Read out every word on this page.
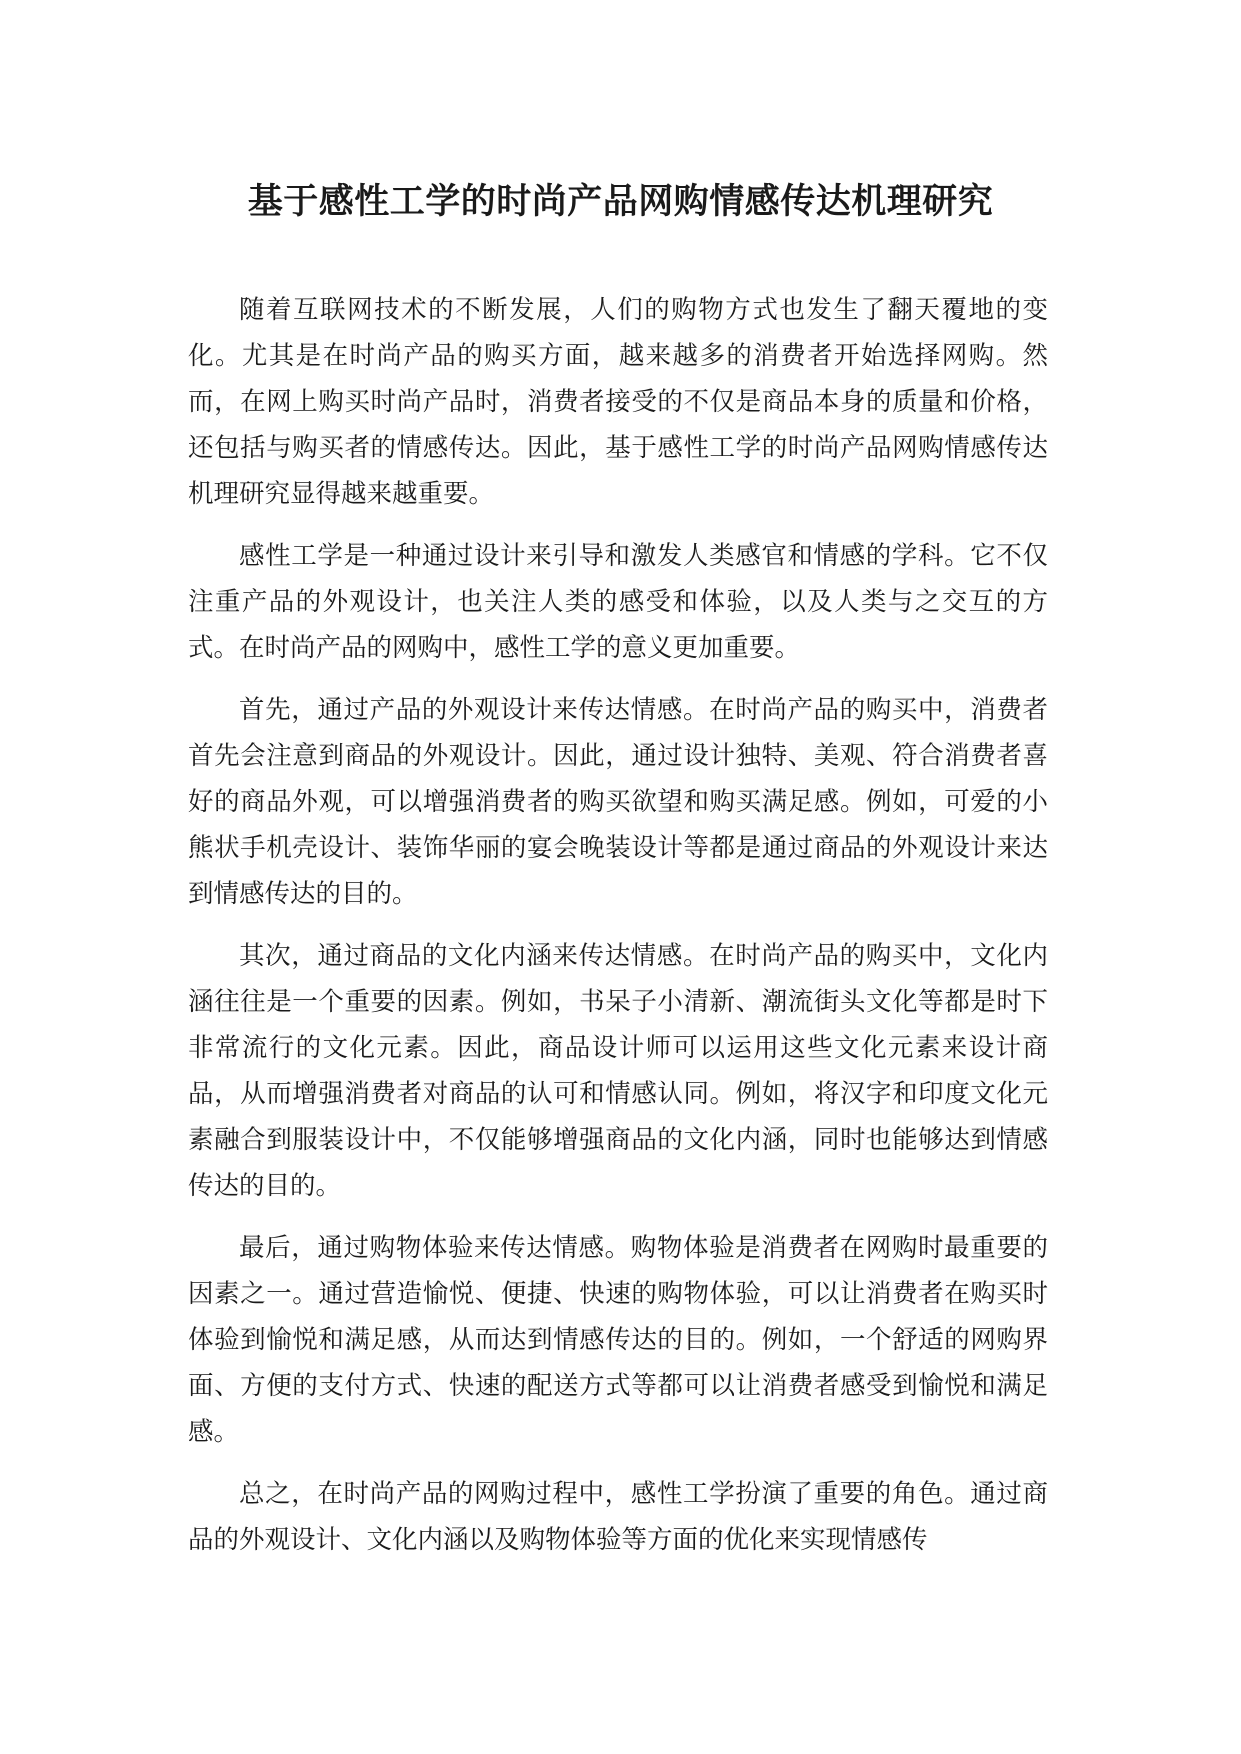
基于感性工学的时尚产品网购情感传达机理研究

随着互联网技术的不断发展，人们的购物方式也发生了翻天覆地的变化。尤其是在时尚产品的购买方面，越来越多的消费者开始选择网购。然而，在网上购买时尚产品时，消费者接受的不仅是商品本身的质量和价格，还包括与购买者的情感传达。因此，基于感性工学的时尚产品网购情感传达机理研究显得越来越重要。

感性工学是一种通过设计来引导和激发人类感官和情感的学科。它不仅注重产品的外观设计，也关注人类的感受和体验，以及人类与之交互的方式。在时尚产品的网购中，感性工学的意义更加重要。

首先，通过产品的外观设计来传达情感。在时尚产品的购买中，消费者首先会注意到商品的外观设计。因此，通过设计独特、美观、符合消费者喜好的商品外观，可以增强消费者的购买欲望和购买满足感。例如，可爱的小熊状手机壳设计、装饰华丽的宴会晚装设计等都是通过商品的外观设计来达到情感传达的目的。

其次，通过商品的文化内涵来传达情感。在时尚产品的购买中，文化内涵往往是一个重要的因素。例如，书呆子小清新、潮流街头文化等都是时下非常流行的文化元素。因此，商品设计师可以运用这些文化元素来设计商品，从而增强消费者对商品的认可和情感认同。例如，将汉字和印度文化元素融合到服装设计中，不仅能够增强商品的文化内涵，同时也能够达到情感传达的目的。

最后，通过购物体验来传达情感。购物体验是消费者在网购时最重要的因素之一。通过营造愉悦、便捷、快速的购物体验，可以让消费者在购买时体验到愉悦和满足感，从而达到情感传达的目的。例如，一个舒适的网购界面、方便的支付方式、快速的配送方式等都可以让消费者感受到愉悦和满足感。

总之，在时尚产品的网购过程中，感性工学扮演了重要的角色。通过商品的外观设计、文化内涵以及购物体验等方面的优化来实现情感传
